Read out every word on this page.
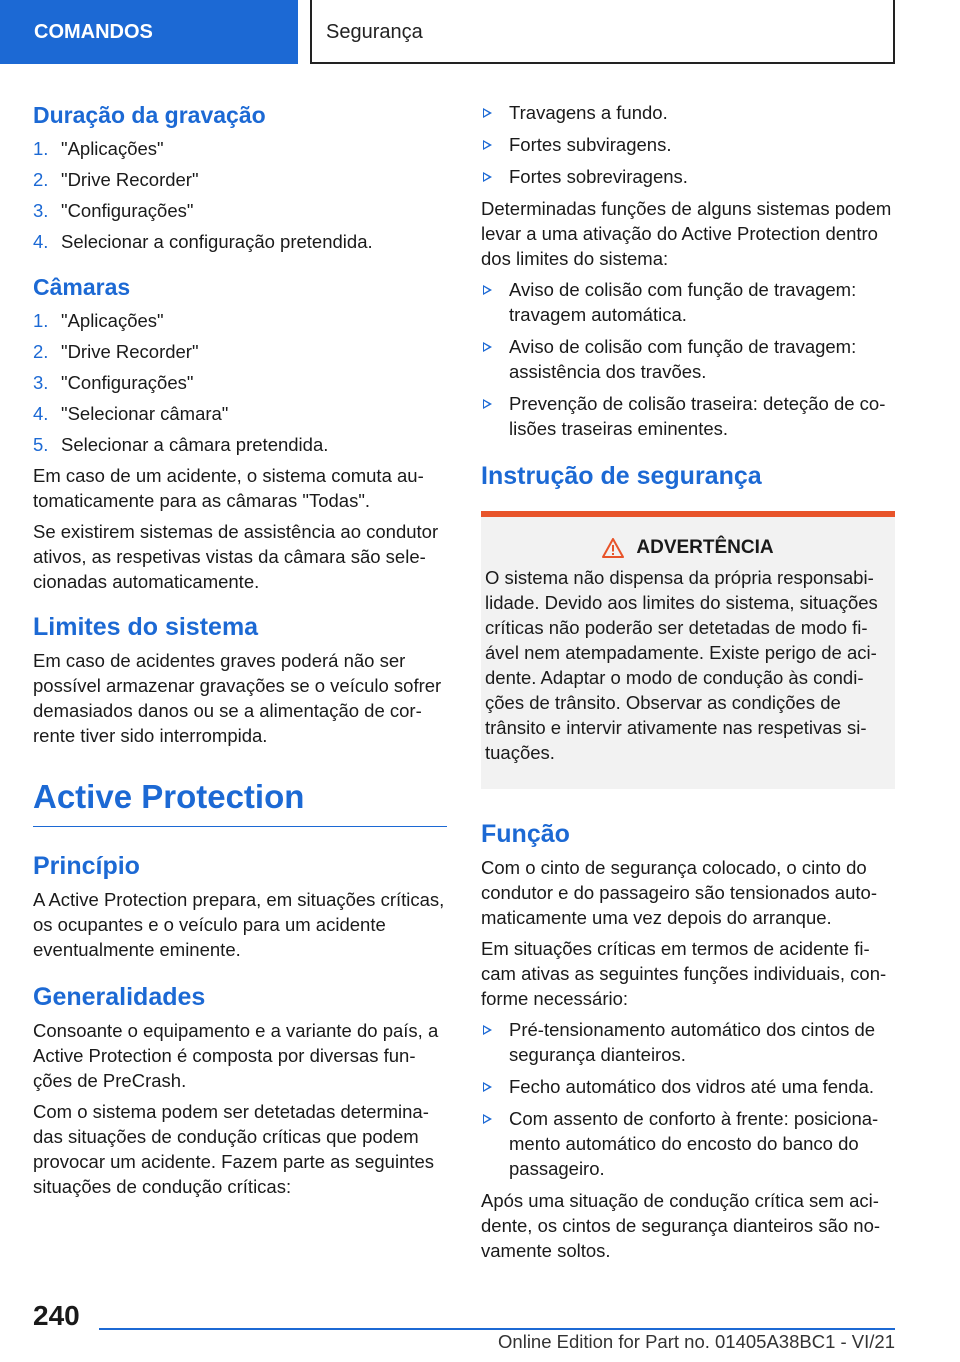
COMANDOS	Segurança
Duração da gravação
1. "Aplicações"
2. "Drive Recorder"
3. "Configurações"
4. Selecionar a configuração pretendida.
Câmaras
1. "Aplicações"
2. "Drive Recorder"
3. "Configurações"
4. "Selecionar câmara"
5. Selecionar a câmara pretendida.

Em caso de um acidente, o sistema comuta automaticamente para as câmaras "Todas".

Se existirem sistemas de assistência ao condutor ativos, as respetivas vistas da câmara são selecionadas automaticamente.

Limites do sistema

Em caso de acidentes graves poderá não ser possível armazenar gravações se o veículo sofrer demasiados danos ou se a alimentação de corrente tiver sido interrompida.

Active Protection
Princípio

A Active Protection prepara, em situações críticas, os ocupantes e o veículo para um acidente eventualmente eminente.

Generalidades

Consoante o equipamento e a variante do país, a Active Protection é composta por diversas funções de PreCrash.

Com o sistema podem ser detetadas determinadas situações de condução críticas que podem provocar um acidente. Fazem parte as seguintes situações de condução críticas:

Travagens a fundo.
Fortes subviragens.
Fortes sobreviragens.

Determinadas funções de alguns sistemas podem levar a uma ativação do Active Protection dentro dos limites do sistema:

Aviso de colisão com função de travagem: travagem automática.
Aviso de colisão com função de travagem: assistência dos travões.
Prevenção de colisão traseira: deteção de colisões traseiras eminentes.
Instrução de segurança
ADVERTÊNCIA

O sistema não dispensa da própria responsabilidade. Devido aos limites do sistema, situações críticas não poderão ser detetadas de modo fiável nem atempadamente. Existe perigo de acidente. Adaptar o modo de condução às condições de trânsito. Observar as condições de trânsito e intervir ativamente nas respetivas situações.

Função

Com o cinto de segurança colocado, o cinto do condutor e do passageiro são tensionados automaticamente uma vez depois do arranque.

Em situações críticas em termos de acidente ficam ativas as seguintes funções individuais, conforme necessário:

Pré-tensionamento automático dos cintos de segurança dianteiros.
Fecho automático dos vidros até uma fenda.
Com assento de conforto à frente: posicionamento automático do encosto do banco do passageiro.

Após uma situação de condução crítica sem acidente, os cintos de segurança dianteiros são novamente soltos.

240
Online Edition for Part no. 01405A38BC1 - VI/21
